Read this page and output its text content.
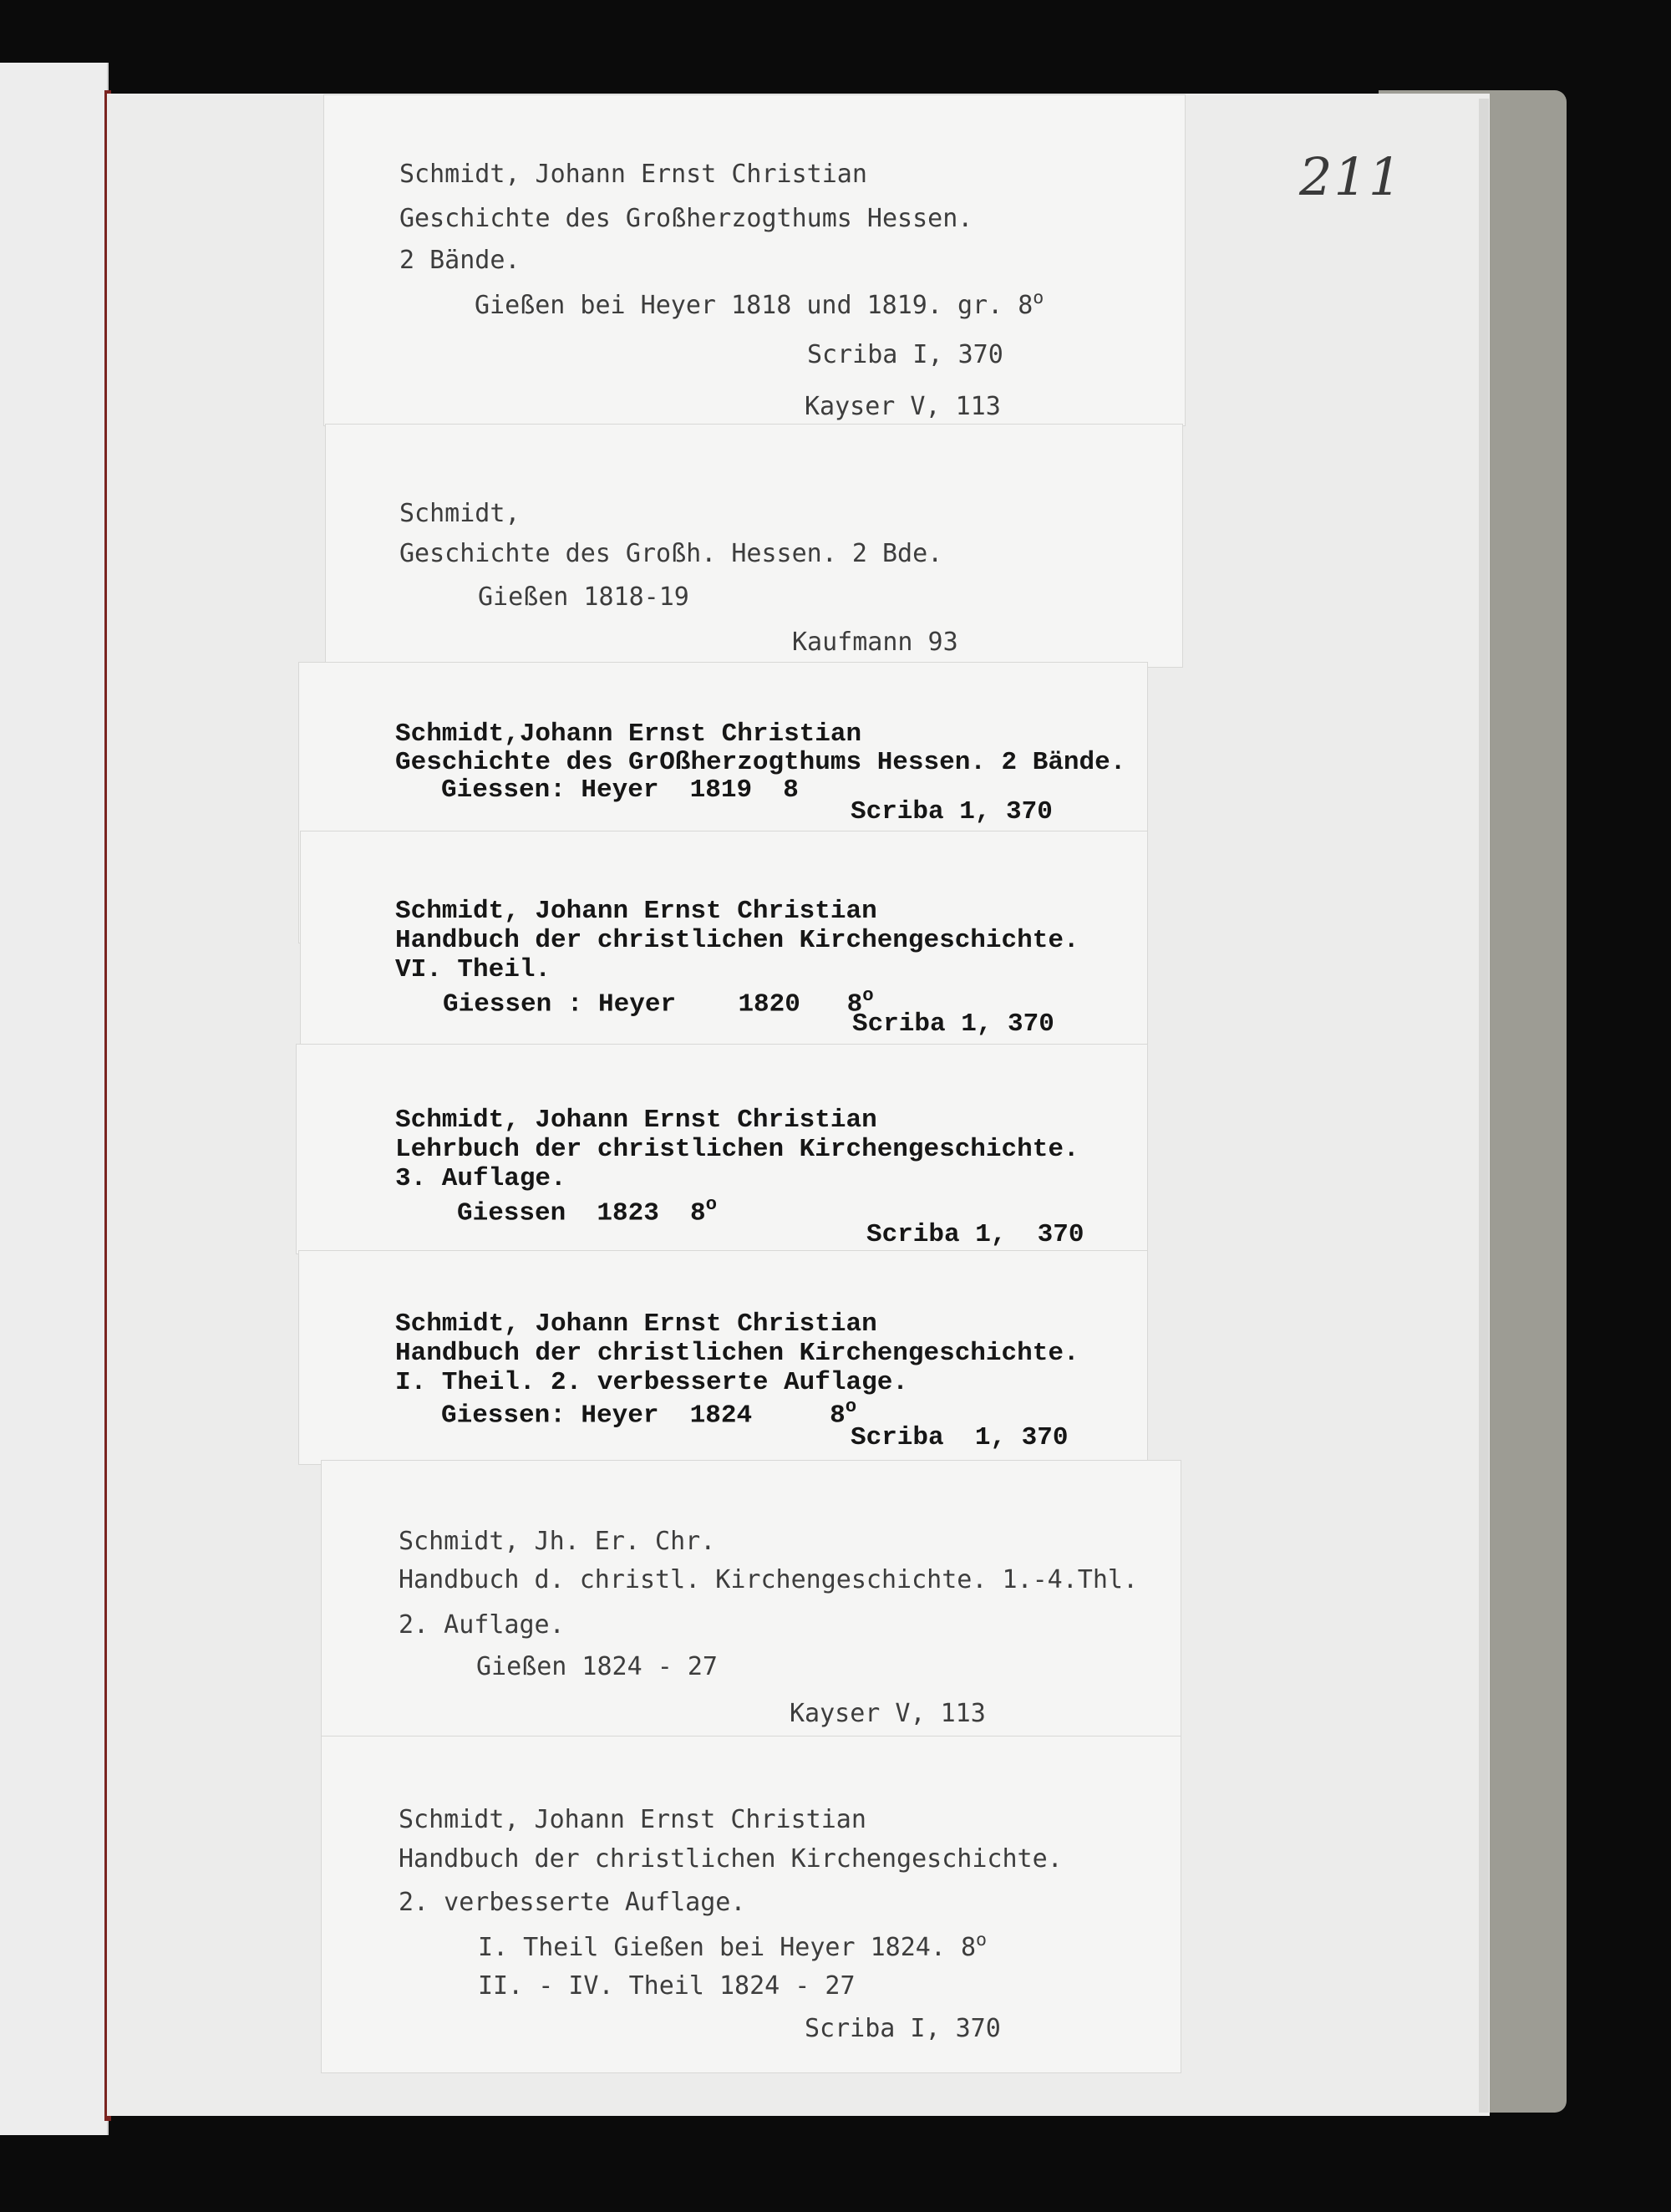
211
Schmidt, Johann Ernst Christian
Geschichte des Großherzogthums Hessen.
2 Bände.
Gießen bei Heyer 1818 und 1819. gr. 8$^o$
Scriba I, 370
Kayser V, 113
Schmidt,
Geschichte des Großh. Hessen. 2 Bde.
Gießen 1818-19
Kaufmann 93
Schmidt,Johann Ernst Christian
Geschichte des GrOßherzogthums Hessen. 2 Bände.
Giessen: Heyer  1819  8
Scriba 1, 370
Schmidt, Johann Ernst Christian
Handbuch der christlichen Kirchengeschichte.
VI. Theil.
Giessen : Heyer    1820   8$^o$
Scriba 1, 370
Schmidt, Johann Ernst Christian
Lehrbuch der christlichen Kirchengeschichte.
3. Auflage.
Giessen  1823  8$^o$
Scriba 1,  370
Schmidt, Johann Ernst Christian
Handbuch der christlichen Kirchengeschichte.
I. Theil. 2. verbesserte Auflage.
Giessen: Heyer  1824     8$^o$
Scriba  1, 370
Schmidt, Jh. Er. Chr.
Handbuch d. christl. Kirchengeschichte. 1.-4.Thl.
2. Auflage.
Gießen 1824 - 27
Kayser V, 113
Schmidt, Johann Ernst Christian
Handbuch der christlichen Kirchengeschichte.
2. verbesserte Auflage.
I. Theil Gießen bei Heyer 1824. 8$^o$
II. - IV. Theil 1824 - 27
Scriba I, 370
